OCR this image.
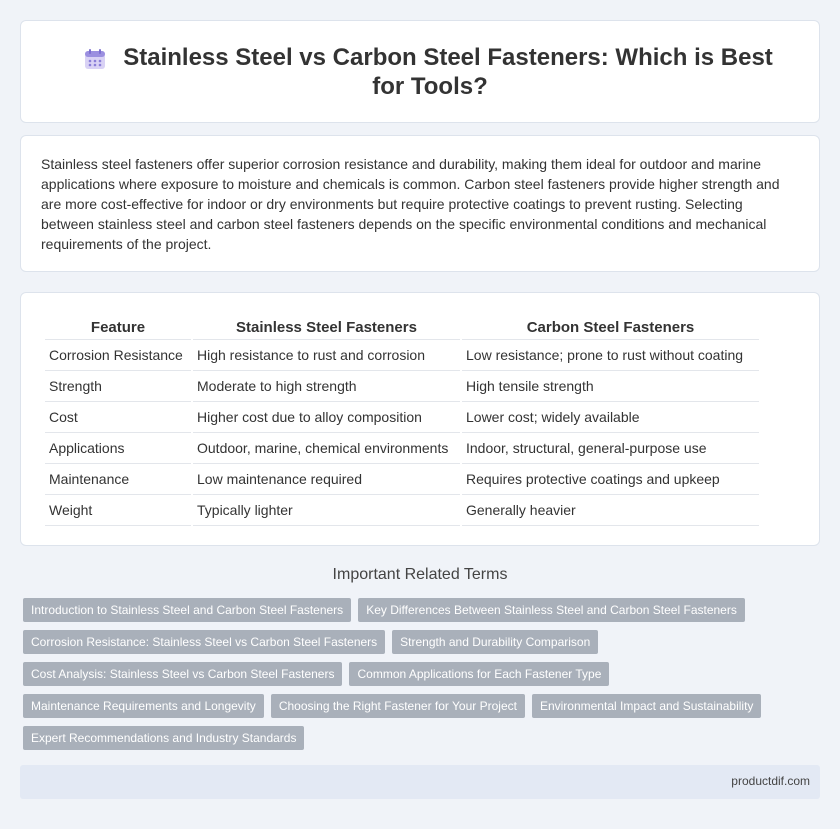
Stainless Steel vs Carbon Steel Fasteners: Which is Best for Tools?

Stainless steel fasteners offer superior corrosion resistance and durability, making them ideal for outdoor and marine applications where exposure to moisture and chemicals is common. Carbon steel fasteners provide higher strength and are more cost-effective for indoor or dry environments but require protective coatings to prevent rusting. Selecting between stainless steel and carbon steel fasteners depends on the specific environmental conditions and mechanical requirements of the project.

Feature	Stainless Steel Fasteners	Carbon Steel Fasteners
Corrosion Resistance	High resistance to rust and corrosion	Low resistance; prone to rust without coating
Strength	Moderate to high strength	High tensile strength
Cost	Higher cost due to alloy composition	Lower cost; widely available
Applications	Outdoor, marine, chemical environments	Indoor, structural, general-purpose use
Maintenance	Low maintenance required	Requires protective coatings and upkeep
Weight	Typically lighter	Generally heavier
Important Related Terms
Introduction to Stainless Steel and Carbon Steel Fasteners	Key Differences Between Stainless Steel and Carbon Steel Fasteners
Corrosion Resistance: Stainless Steel vs Carbon Steel Fasteners	Strength and Durability Comparison
Cost Analysis: Stainless Steel vs Carbon Steel Fasteners	Common Applications for Each Fastener Type
Maintenance Requirements and Longevity	Choosing the Right Fastener for Your Project	Environmental Impact and Sustainability
Expert Recommendations and Industry Standards
productdif.com
